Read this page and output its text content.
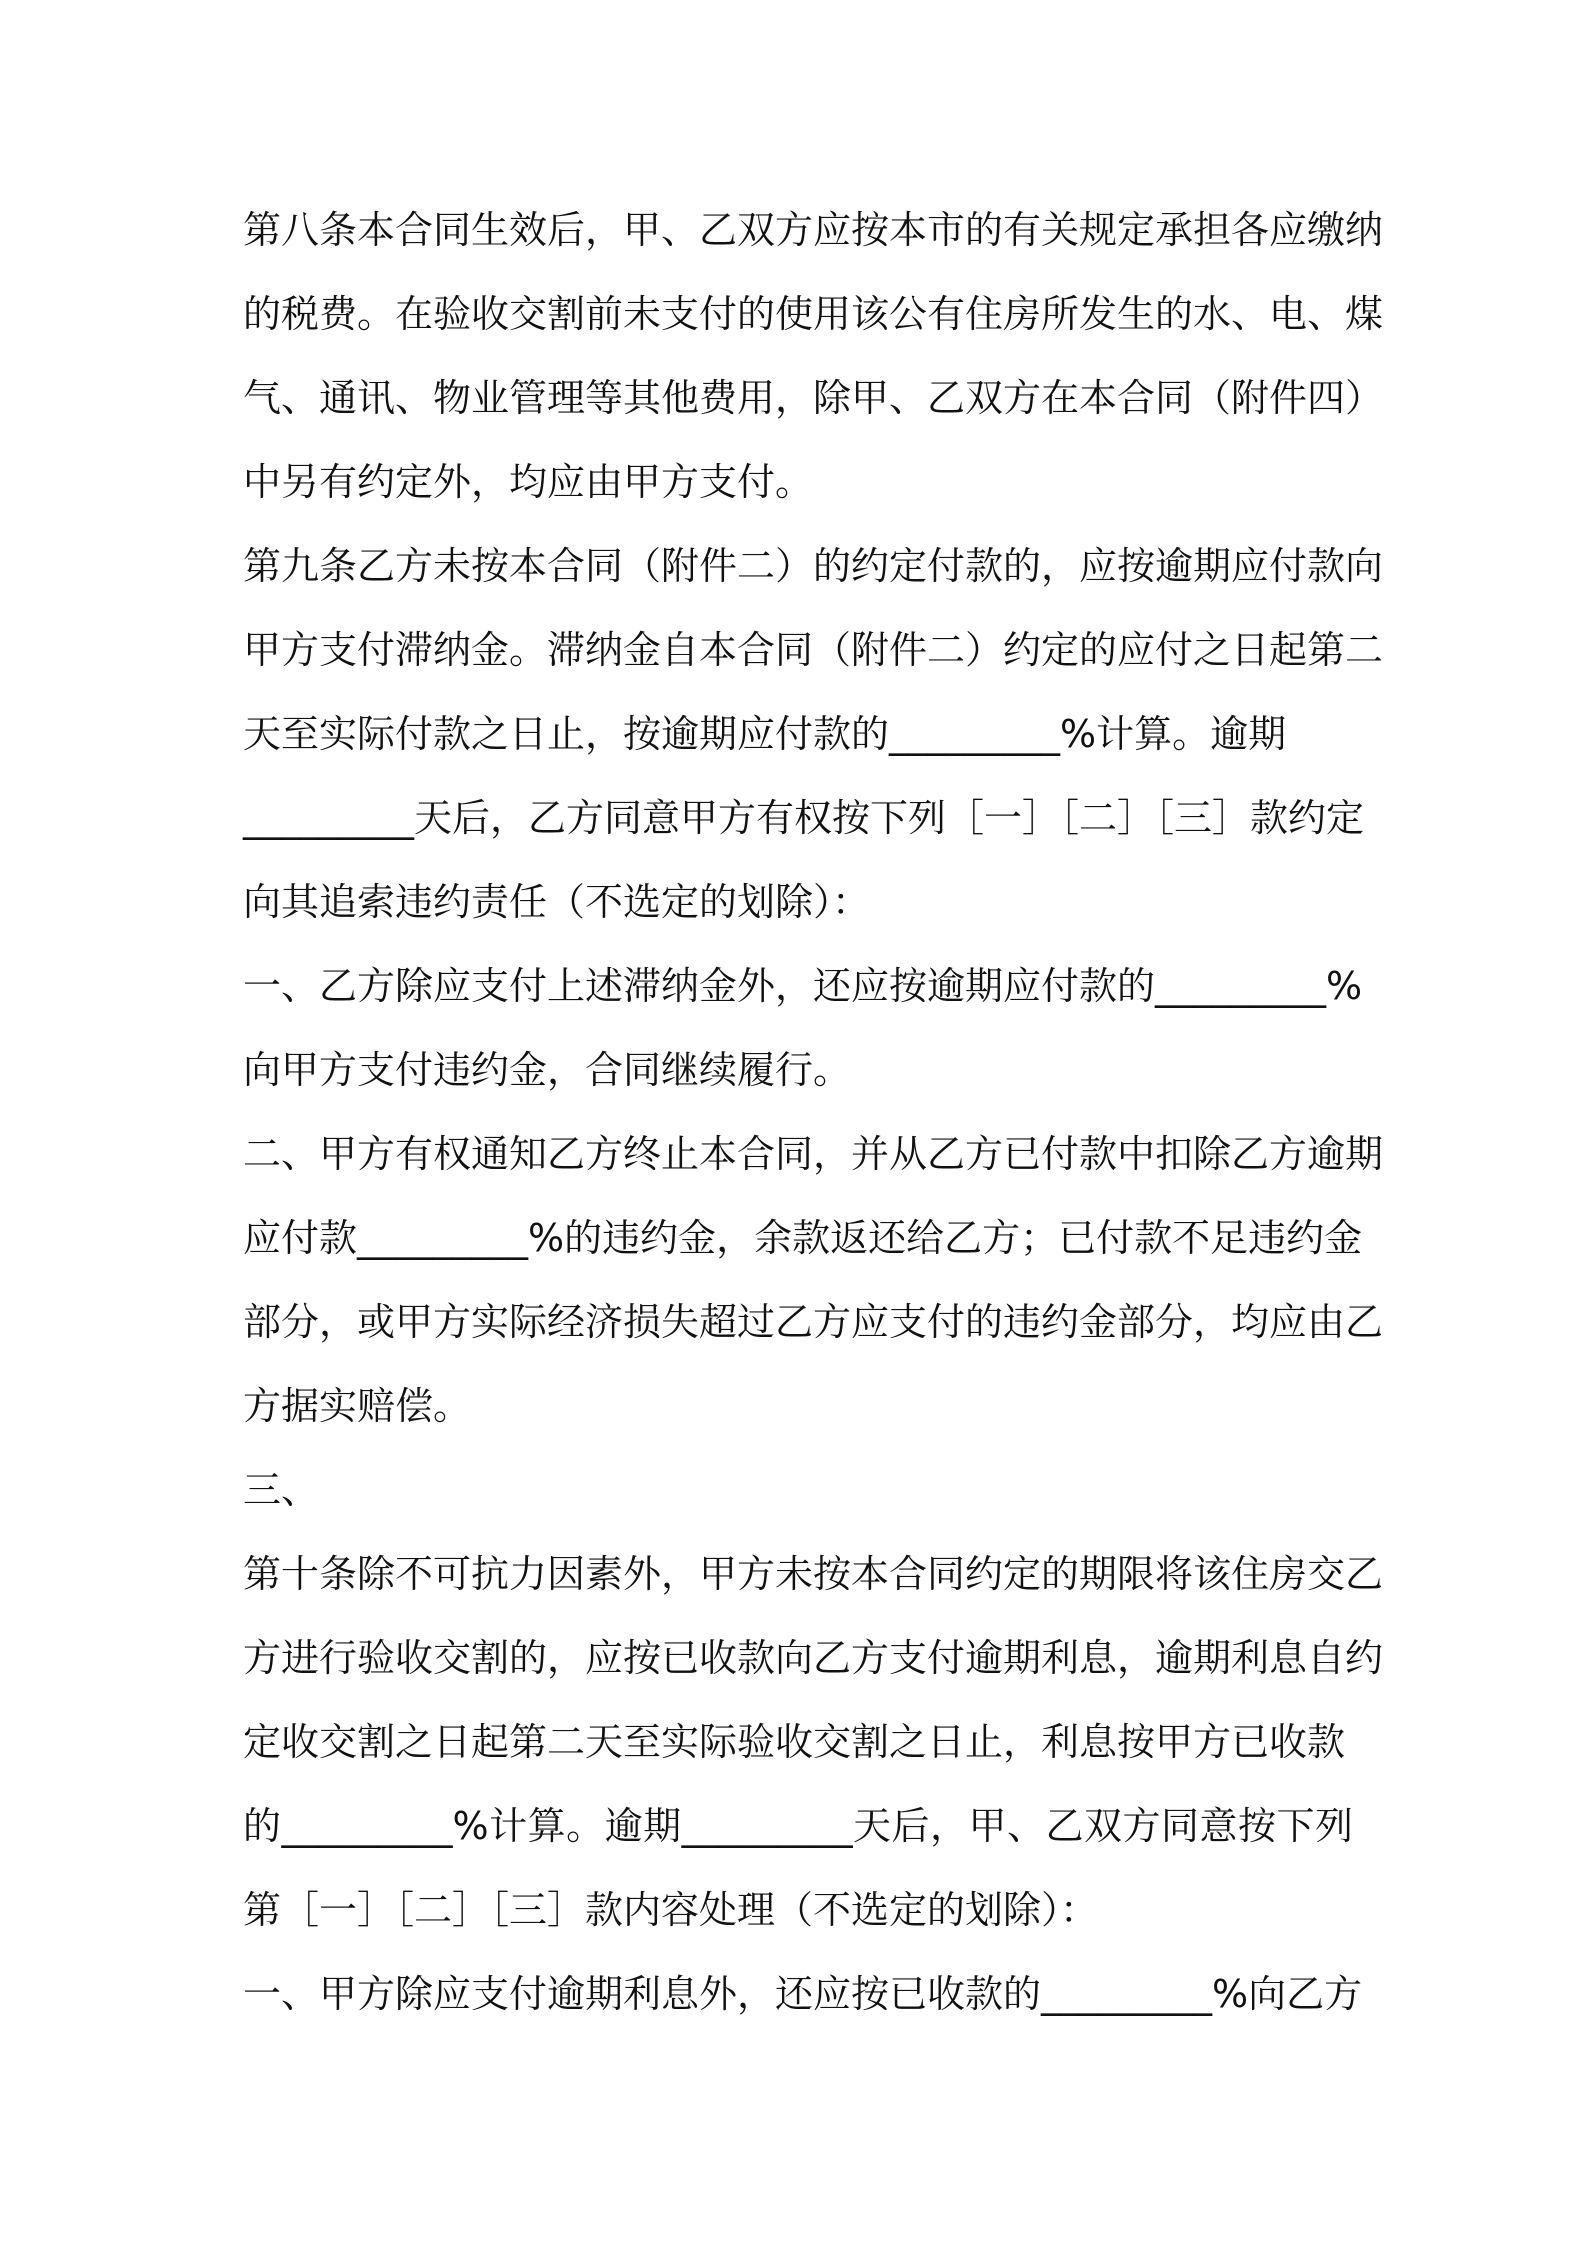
第八条本合同生效后，甲、乙双方应按本市的有关规定承担各应缴纳
的税费。在验收交割前未支付的使用该公有住房所发生的水、电、煤
气、通讯、物业管理等其他费用，除甲、乙双方在本合同（附件四）
中另有约定外，均应由甲方支付。
第九条乙方未按本合同（附件二）的约定付款的，应按逾期应付款向
甲方支付滞纳金。滞纳金自本合同（附件二）约定的应付之日起第二
天至实际付款之日止，按逾期应付款的_________%计算。逾期
_________天后，乙方同意甲方有权按下列［一］［二］［三］款约定
向其追索违约责任（不选定的划除）：
一、乙方除应支付上述滞纳金外，还应按逾期应付款的_________%
向甲方支付违约金，合同继续履行。
二、甲方有权通知乙方终止本合同，并从乙方已付款中扣除乙方逾期
应付款_________%的违约金，余款返还给乙方；已付款不足违约金
部分，或甲方实际经济损失超过乙方应支付的违约金部分，均应由乙
方据实赔偿。
三、
第十条除不可抗力因素外，甲方未按本合同约定的期限将该住房交乙
方进行验收交割的，应按已收款向乙方支付逾期利息，逾期利息自约
定收交割之日起第二天至实际验收交割之日止，利息按甲方已收款
的_________%计算。逾期_________天后，甲、乙双方同意按下列
第［一］［二］［三］款内容处理（不选定的划除）：
一、甲方除应支付逾期利息外，还应按已收款的_________%向乙方
